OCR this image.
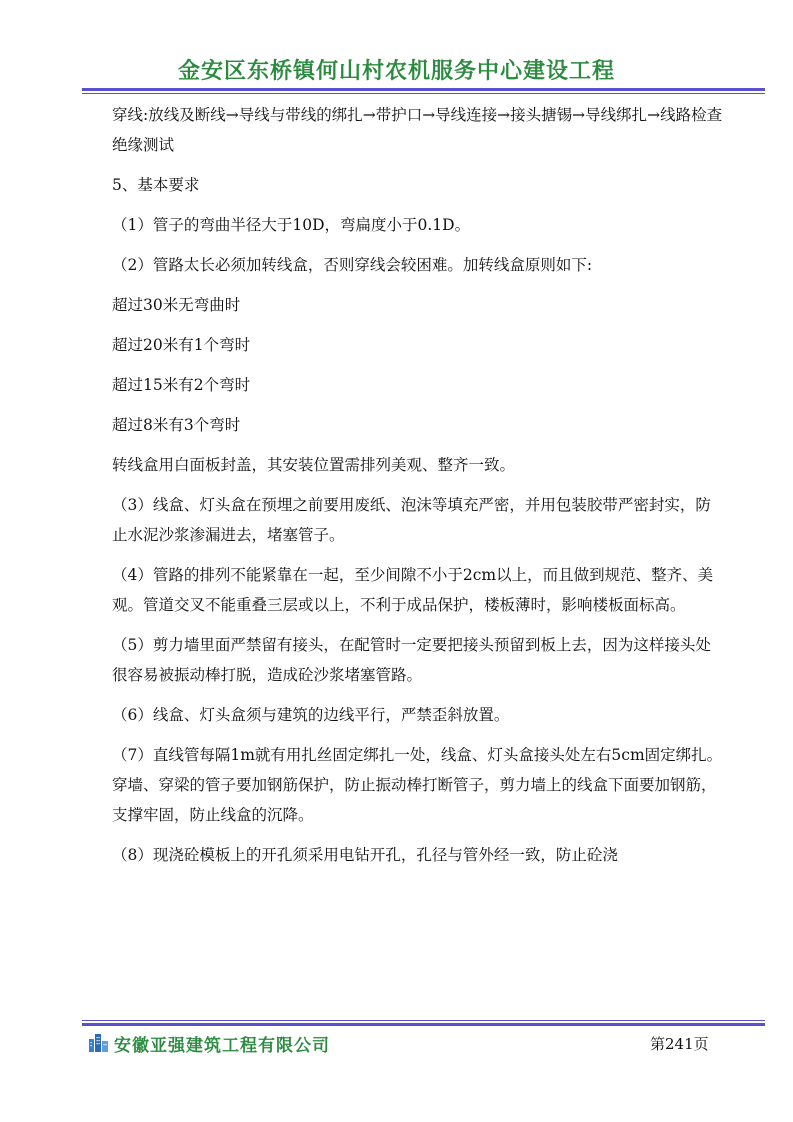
金安区东桥镇何山村农机服务中心建设工程

穿线:放线及断线→导线与带线的绑扎→带护口→导线连接→接头搪锡→导线绑扎→线路检查绝缘测试

5、基本要求

（1）管子的弯曲半径大于10D，弯扁度小于0.1D。

（2）管路太长必须加转线盒，否则穿线会较困难。加转线盒原则如下:

超过30米无弯曲时

超过20米有1个弯时

超过15米有2个弯时

超过8米有3个弯时

转线盒用白面板封盖，其安装位置需排列美观、整齐一致。

（3）线盒、灯头盒在预埋之前要用废纸、泡沫等填充严密，并用包装胶带严密封实，防止水泥沙浆渗漏进去，堵塞管子。

（4）管路的排列不能紧靠在一起，至少间隙不小于2cm以上，而且做到规范、整齐、美观。管道交叉不能重叠三层或以上，不利于成品保护，楼板薄时，影响楼板面标高。

（5）剪力墙里面严禁留有接头，在配管时一定要把接头预留到板上去，因为这样接头处很容易被振动棒打脱，造成砼沙浆堵塞管路。

（6）线盒、灯头盒须与建筑的边线平行，严禁歪斜放置。

（7）直线管每隔1m就有用扎丝固定绑扎一处，线盒、灯头盒接头处左右5cm固定绑扎。穿墙、穿梁的管子要加钢筋保护，防止振动棒打断管子，剪力墙上的线盒下面要加钢筋，支撑牢固，防止线盒的沉降。

（8）现浇砼模板上的开孔须采用电钻开孔，孔径与管外经一致，防止砼浇

安徽亚强建筑工程有限公司	第241页
